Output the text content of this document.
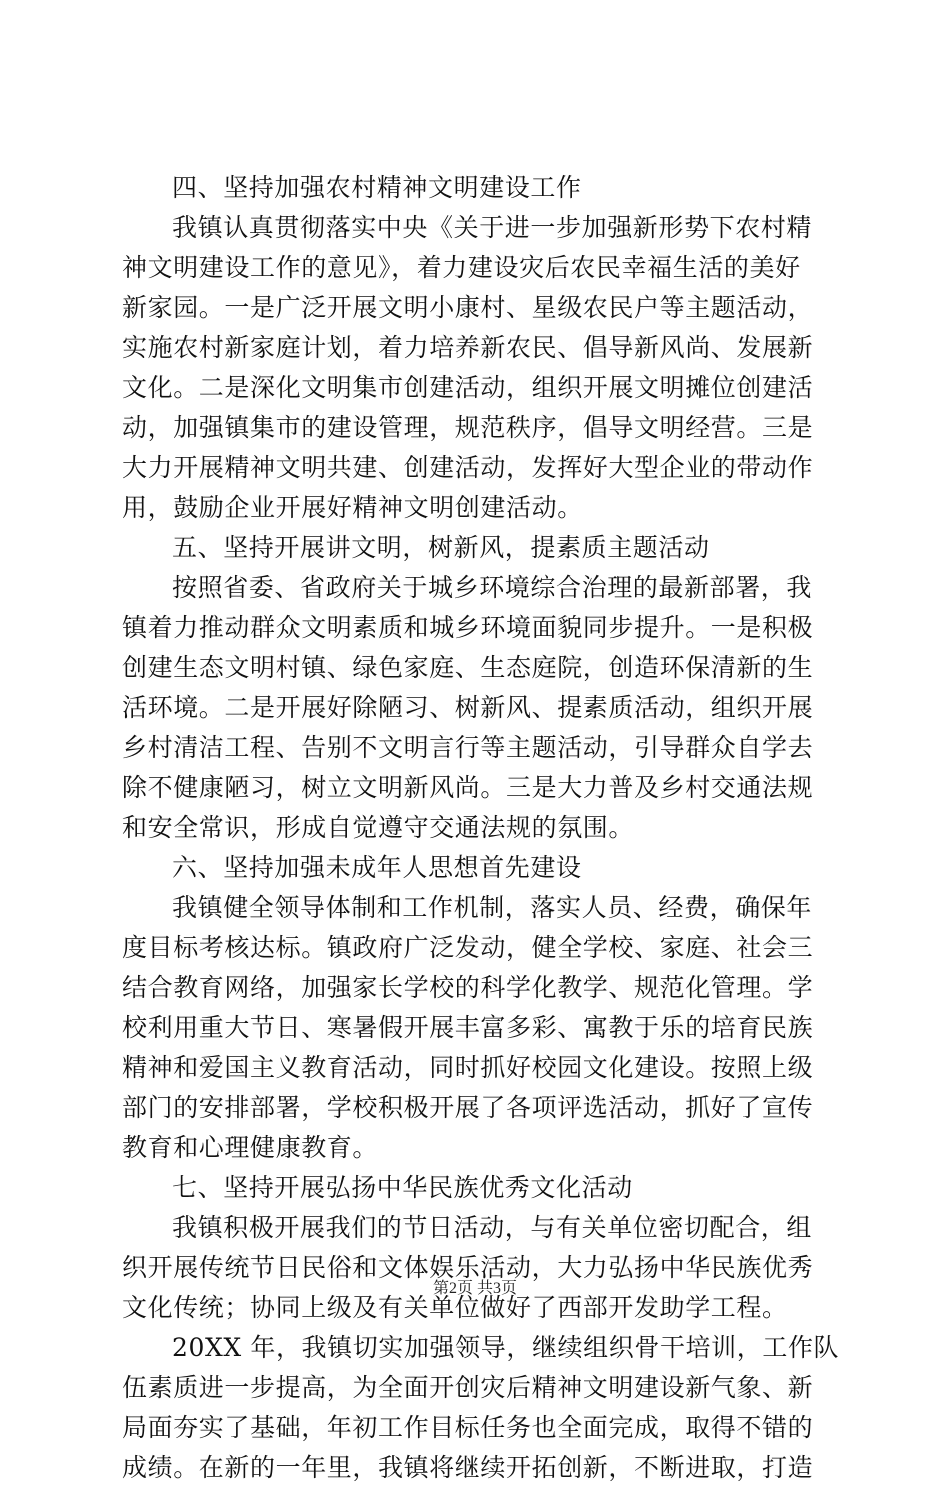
四、坚持加强农村精神文明建设工作
我镇认真贯彻落实中央《关于进一步加强新形势下农村精
神文明建设工作的意见》，着力建设灾后农民幸福生活的美好
新家园。一是广泛开展文明小康村、星级农民户等主题活动，
实施农村新家庭计划，着力培养新农民、倡导新风尚、发展新
文化。二是深化文明集市创建活动，组织开展文明摊位创建活
动，加强镇集市的建设管理，规范秩序，倡导文明经营。三是
大力开展精神文明共建、创建活动，发挥好大型企业的带动作
用，鼓励企业开展好精神文明创建活动。
五、坚持开展讲文明，树新风，提素质主题活动
按照省委、省政府关于城乡环境综合治理的最新部署，我
镇着力推动群众文明素质和城乡环境面貌同步提升。一是积极
创建生态文明村镇、绿色家庭、生态庭院，创造环保清新的生
活环境。二是开展好除陋习、树新风、提素质活动，组织开展
乡村清洁工程、告别不文明言行等主题活动，引导群众自学去
除不健康陋习，树立文明新风尚。三是大力普及乡村交通法规
和安全常识，形成自觉遵守交通法规的氛围。
六、坚持加强未成年人思想首先建设
我镇健全领导体制和工作机制，落实人员、经费，确保年
度目标考核达标。镇政府广泛发动，健全学校、家庭、社会三
结合教育网络，加强家长学校的科学化教学、规范化管理。学
校利用重大节日、寒暑假开展丰富多彩、寓教于乐的培育民族
精神和爱国主义教育活动，同时抓好校园文化建设。按照上级
部门的安排部署，学校积极开展了各项评选活动，抓好了宣传
教育和心理健康教育。
七、坚持开展弘扬中华民族优秀文化活动
我镇积极开展我们的节日活动，与有关单位密切配合，组
织开展传统节日民俗和文体娱乐活动，大力弘扬中华民族优秀
文化传统；协同上级及有关单位做好了西部开发助学工程。
20XX 年，我镇切实加强领导，继续组织骨干培训，工作队
伍素质进一步提高，为全面开创灾后精神文明建设新气象、新
局面夯实了基础，年初工作目标任务也全面完成，取得不错的
成绩。在新的一年里，我镇将继续开拓创新，不断进取，打造
第2页 共3页
